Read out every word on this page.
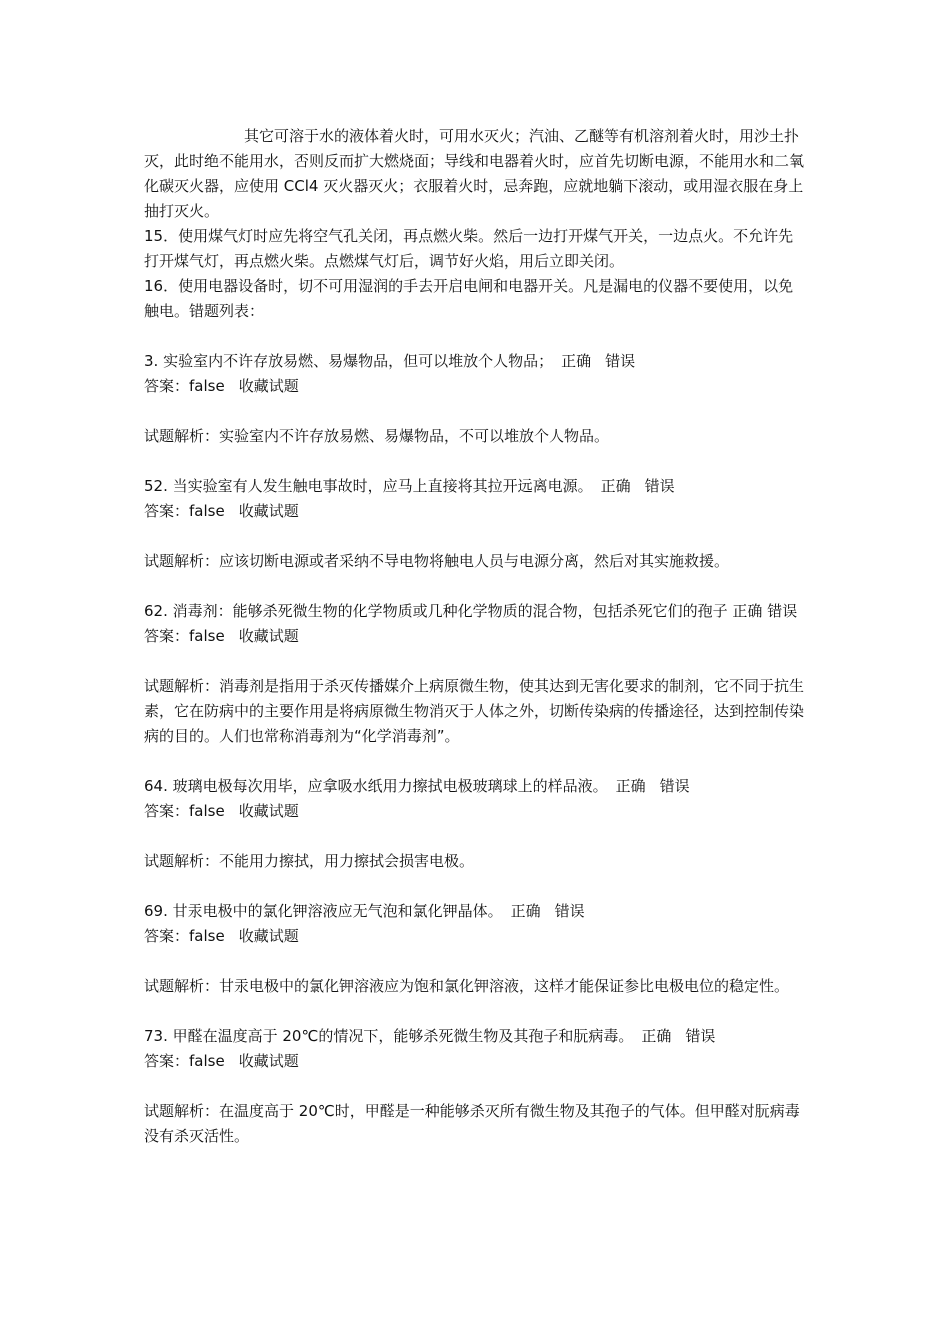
其它可溶于水的液体着火时，可用水灭火；汽油、乙醚等有机溶剂着火时，用沙土扑灭，此时绝不能用水，否则反而扩大燃烧面；导线和电器着火时，应首先切断电源，不能用水和二氧化碳灭火器，应使用 CCl4 灭火器灭火；衣服着火时，忌奔跑，应就地躺下滚动，或用湿衣服在身上抽打灭火。

15．使用煤气灯时应先将空气孔关闭，再点燃火柴。然后一边打开煤气开关，一边点火。不允许先打开煤气灯，再点燃火柴。点燃煤气灯后，调节好火焰，用后立即关闭。

16．使用电器设备时，切不可用湿润的手去开启电闸和电器开关。凡是漏电的仪器不要使用，以免触电。错题列表：

3. 实验室内不许存放易燃、易爆物品，但可以堆放个人物品； 正确 错误

答案：false 收藏试题

试题解析：实验室内不许存放易燃、易爆物品，不可以堆放个人物品。

52. 当实验室有人发生触电事故时，应马上直接将其拉开远离电源。 正确 错误

答案：false 收藏试题

试题解析：应该切断电源或者采纳不导电物将触电人员与电源分离，然后对其实施救援。

62. 消毒剂：能够杀死微生物的化学物质或几种化学物质的混合物，包括杀死它们的孢子 正确 错误

答案：false 收藏试题

试题解析：消毒剂是指用于杀灭传播媒介上病原微生物，使其达到无害化要求的制剂，它不同于抗生素，它在防病中的主要作用是将病原微生物消灭于人体之外，切断传染病的传播途径，达到控制传染病的目的。人们也常称消毒剂为“化学消毒剂”。

64. 玻璃电极每次用毕，应拿吸水纸用力擦拭电极玻璃球上的样品液。 正确 错误

答案：false 收藏试题

试题解析：不能用力擦拭，用力擦拭会损害电极。

69. 甘汞电极中的氯化钾溶液应无气泡和氯化钾晶体。 正确 错误

答案：false 收藏试题

试题解析：甘汞电极中的氯化钾溶液应为饱和氯化钾溶液，这样才能保证参比电极电位的稳定性。

73. 甲醛在温度高于 20℃的情况下，能够杀死微生物及其孢子和朊病毒。 正确 错误

答案：false 收藏试题

试题解析：在温度高于 20℃时，甲醛是一种能够杀灭所有微生物及其孢子的气体。但甲醛对朊病毒没有杀灭活性。
